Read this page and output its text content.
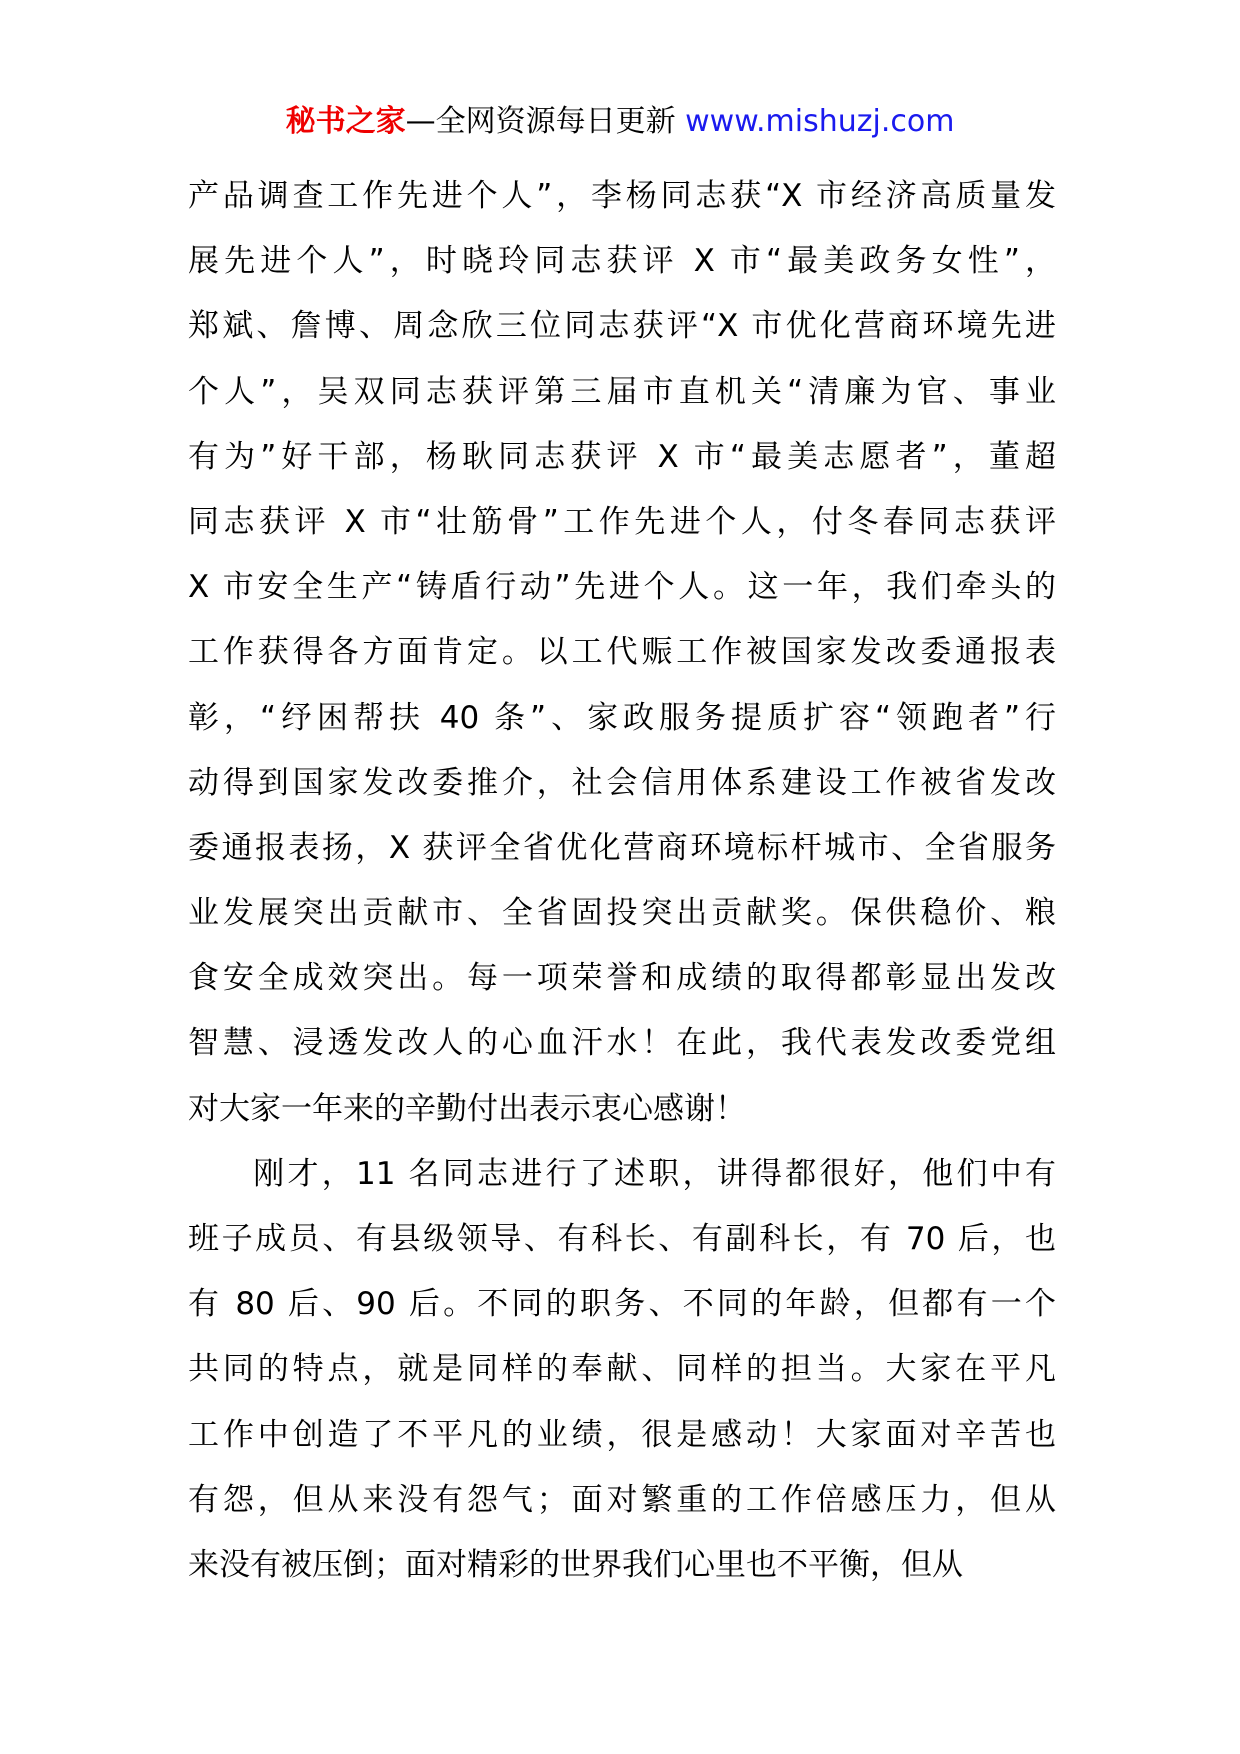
秘书之家—全网资源每日更新 www.mishuzj.com
产品调查工作先进个人”，李杨同志获“X 市经济高质量发
展先进个人”，时晓玲同志获评 X 市“最美政务女性”，
郑斌、詹博、周念欣三位同志获评“X 市优化营商环境先进
个人”，吴双同志获评第三届市直机关“清廉为官、事业
有为”好干部，杨耿同志获评 X 市“最美志愿者”，董超
同志获评 X 市“壮筋骨”工作先进个人，付冬春同志获评
X 市安全生产“铸盾行动”先进个人。这一年，我们牵头的
工作获得各方面肯定。以工代赈工作被国家发改委通报表
彰，“纾困帮扶 40 条”、家政服务提质扩容“领跑者”行
动得到国家发改委推介，社会信用体系建设工作被省发改
委通报表扬，X 获评全省优化营商环境标杆城市、全省服务
业发展突出贡献市、全省固投突出贡献奖。保供稳价、粮
食安全成效突出。每一项荣誉和成绩的取得都彰显出发改
智慧、浸透发改人的心血汗水！在此，我代表发改委党组
对大家一年来的辛勤付出表示衷心感谢！
刚才，11 名同志进行了述职，讲得都很好，他们中有
班子成员、有县级领导、有科长、有副科长，有 70 后，也
有 80 后、90 后。不同的职务、不同的年龄，但都有一个
共同的特点，就是同样的奉献、同样的担当。大家在平凡
工作中创造了不平凡的业绩，很是感动！大家面对辛苦也
有怨，但从来没有怨气；面对繁重的工作倍感压力，但从
来没有被压倒；面对精彩的世界我们心里也不平衡，但从
